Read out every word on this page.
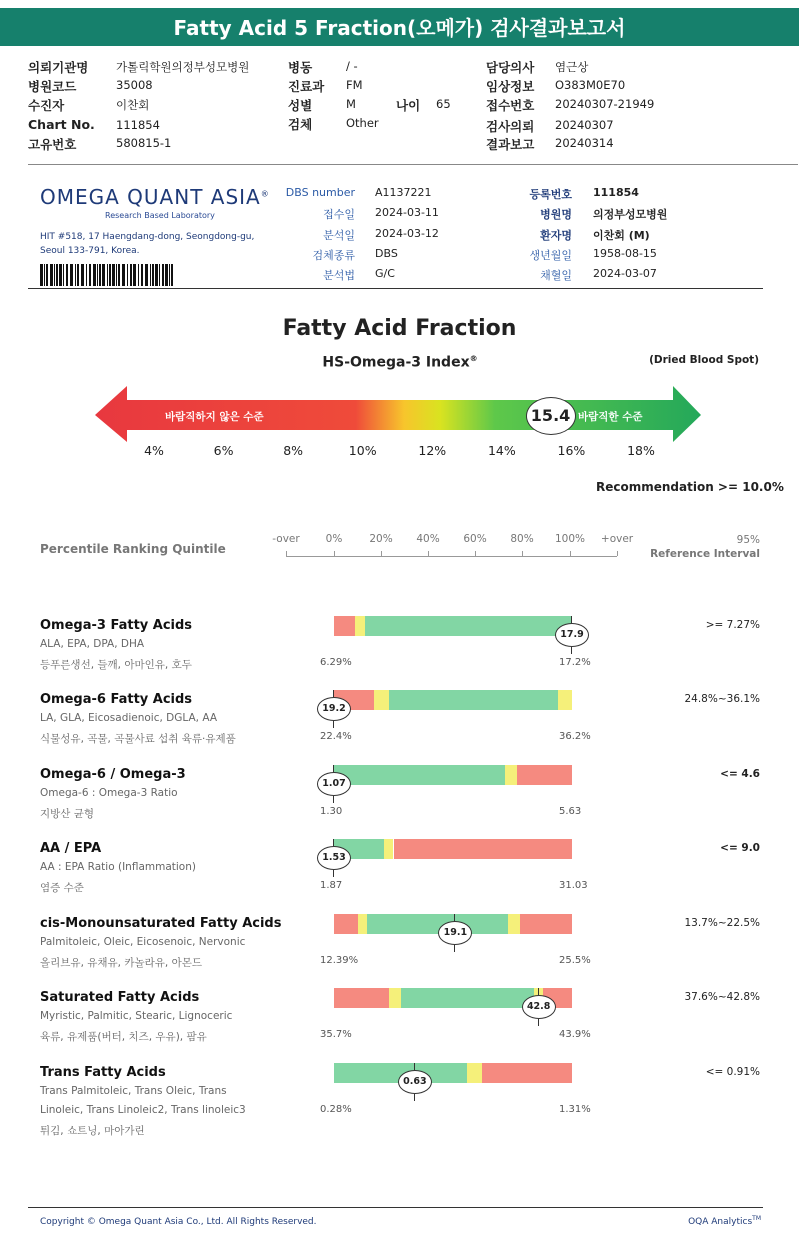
Fatty Acid 5 Fraction(오메가) 검사결과보고서
의뢰기관명 가톨릭학원의정부성모병원
병원코드	35008
수진자	이찬회
Chart No. 111854
고유번호	580815-1
병동	/ -
진료과 FM
성별	M
검체	Other
나이 65
담당의사 염근상
임상정보 O383M0E70
접수번호 20240307-21949
검사의뢰 20240307
결과보고 20240314
OMEGA QUANT ASIA®
Research Based Laboratory
HIT #518, 17 Haengdang-dong, Seongdong-gu,
Seoul 133-791, Korea.
DBS number A1137221
접수일 2024-03-11
분석일 2024-03-12
검체종류 DBS
분석법 G/C
등록번호 111854
병원명 의정부성모병원
환자명 이찬회 (M)
생년월일 1958-08-15
채혈일 2024-03-07
Fatty Acid Fraction
HS-Omega-3 Index®	(Dried Blood Spot)
바람직하지 않은 수준	바람직한 수준
15.4
4%	6%	8%	10%	12%	14%	16%	18%
Recommendation >= 10.0%
Percentile Ranking Quintile
-over	0%	20%	40%	60%	80%	100%	+over	95%
Reference Interval
Omega-3 Fatty Acids
ALA, EPA, DPA, DHA
등푸른생선, 들깨, 아마인유, 호두	6.29%	17.2%
>= 7.27%
17.9
Omega-6 Fatty Acids
LA, GLA, Eicosadienoic, DGLA, AA
식물성유, 곡물, 곡물사료 섭취 육류·유제품	22.4%	36.2%
24.8%~36.1%
19.2
Omega-6 / Omega-3
Omega-6 : Omega-3 Ratio
지방산 균형	1.30	5.63
<= 4.6
1.07
AA / EPA
AA : EPA Ratio (Inflammation)
염증 수준	1.87	31.03
<= 9.0
1.53
cis-Monounsaturated Fatty Acids
Palmitoleic, Oleic, Eicosenoic, Nervonic
올리브유, 유채유, 카놀라유, 아몬드	12.39%	25.5%
13.7%~22.5%
19.1
Saturated Fatty Acids
Myristic, Palmitic, Stearic, Lignoceric
육류, 유제품(버터, 치즈, 우유), 팜유	35.7%	43.9%
37.6%~42.8%
42.8
Trans Fatty Acids
Trans Palmitoleic, Trans Oleic, Trans
Linoleic, Trans Linoleic2, Trans linoleic3
튀김, 쇼트닝, 마아가린
0.28%	1.31%
<= 0.91%
0.63
Copyright © Omega Quant Asia Co., Ltd. All Rights Reserved.	OQA Analytics™
